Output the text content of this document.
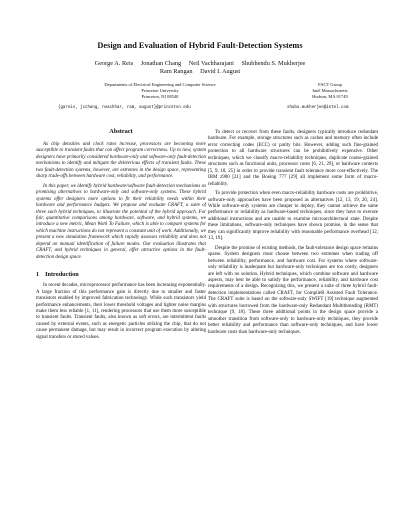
Design and Evaluation of Hybrid Fault-Detection Systems
George A. Reis Jonathan Chang Neil Vachharajani Shubhendu S. Mukherjee
Ram Rangan David I. August
Departments of Electrical Engineering and Computer Science
Princeton University
Princeton, NJ 08540
FACT Group
Intel Massachusetts
Hudson, MA 01749
{gareis, jcchang, nvachhar, ram, august}@princeton.edu	shubu.mukherjee@intel.com
Abstract

As chip densities and clock rates increase, processors are becoming more susceptible to transient faults that can affect program correctness. Up to now, system designers have primarily considered hardware-only and software-only fault-detection mechanisms to identify and mitigate the deleterious effects of transient faults. These two fault-detection systems, however, are extremes in the design space, representing sharp trade-offs between hardware cost, reliability, and performance.

In this paper, we identify hybrid hardware/software fault-detection mechanisms as promising alternatives to hardware-only and software-only systems. These hybrid systems offer designers more options to fit their reliability needs within their hardware and performance budgets. We propose and evaluate CRAFT, a suite of three such hybrid techniques, to illustrate the potential of the hybrid approach. For fair, quantitative comparisons among hardware, software, and hybrid systems, we introduce a new metric, Mean Work To Failure, which is able to compare systems for which machine instructions do not represent a constant unit of work. Additionally, we present a new simulation framework which rapidly assesses reliability and does not depend on manual identification of failure modes. Our evaluation illustrates that CRAFT, and hybrid techniques in general, offer attractive options in the fault-detection design space.

1 Introduction

In recent decades, microprocessor performance has been increasing exponentially. A large fraction of this performance gain is directly due to smaller and faster transistors enabled by improved fabrication technology. While such transistors yield performance enhancements, their lower threshold voltages and tighter noise margins make them less reliable [1, 11], rendering processors that use them more susceptible to transient faults. Transient faults, also known as soft errors, are intermittent faults caused by external events, such as energetic particles striking the chip, that do not cause permanent damage, but may result in incorrect program execution by altering signal transfers or stored values.

To detect or recover from these faults, designers typically introduce redundant hardware. For example, storage structures such as caches and memory often include error correcting codes (ECC) or parity bits. However, adding such fine-grained protection to all hardware structures can be prohibitively expensive. Other techniques, which we classify macro-reliability techniques, duplicate coarse-grained structures such as functional units, processor cores [6, 21, 29], or hardware contexts [5, 9, 18, 25] in order to provide transient fault tolerance more cost-effectively. The IBM z900 [21] and the Boeing 777 [29] all implement some form of macro-reliability.

To provide protection when even macro-reliability hardware costs are prohibitive, software-only approaches have been proposed as alternatives [12, 13, 19, 20, 24]. While software-only systems are cheaper to deploy, they cannot achieve the same performance or reliability as hardware-based techniques, since they have to execute additional instructions and are unable to examine microarchitectural state. Despite these limitations, software-only techniques have shown promise, in the sense that they can significantly improve reliability with reasonable performance overhead [12, 13, 19].

Despite the promise of existing methods, the fault-tolerance design space remains sparse. System designers must choose between two extremes when trading off between reliability, performance, and hardware cost. For systems where software-only reliability is inadequate but hardware-only techniques are too costly, designers are left with no solution. Hybrid techniques, which combine software and hardware aspects, may best be able to satisfy the performance, reliability, and hardware cost requirements of a design. Recognizing this, we present a suite of three hybrid fault-detection implementations called CRAFT, for CompileR Assisted Fault Tolerance. The CRAFT suite is based on the software-only SWIFT [19] technique augmented with structures borrowed from the hardware-only Redundant Multithreading (RMT) technique [9, 18]. These three additional points in the design space provide a smoother transition from software-only to hardware-only techniques, they provide better reliability and performance than software-only techniques, and have lower hardware costs than hardware-only techniques.
